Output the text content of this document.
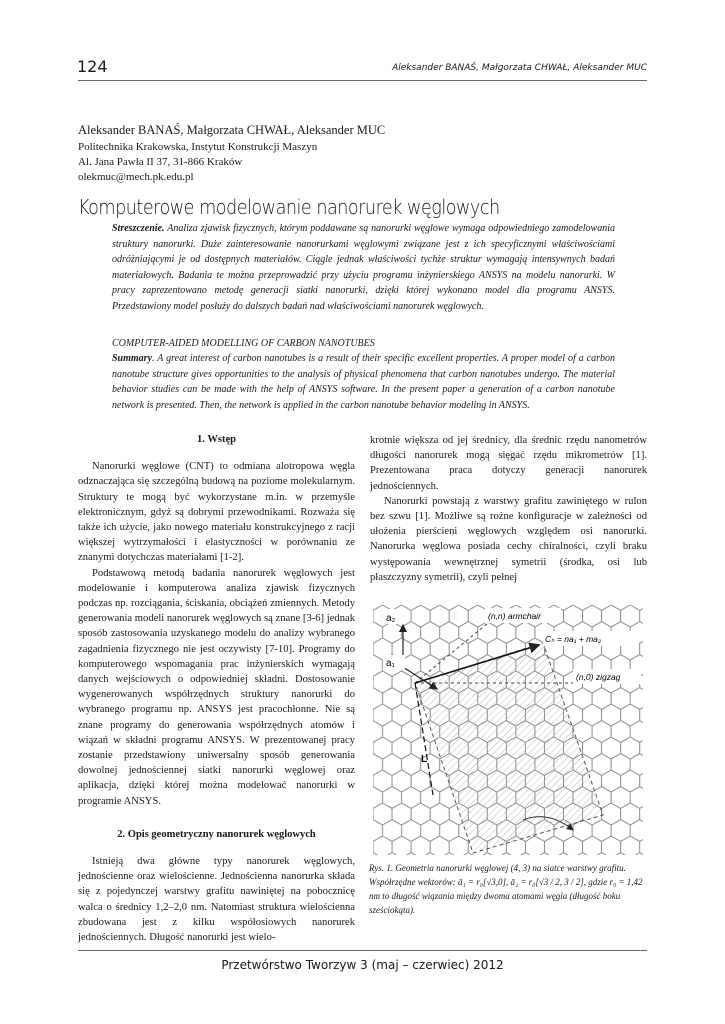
124	Aleksander BANAŚ, Małgorzata CHWAŁ, Aleksander MUC
Aleksander BANAŚ, Małgorzata CHWAŁ, Aleksander MUC
Politechnika Krakowska, Instytut Konstrukcji Maszyn
Al. Jana Pawła II 37, 31-866 Kraków
olekmuc@mech.pk.edu.pl
Komputerowe modelowanie nanorurek węglowych
Streszczenie. Analiza zjawisk fizycznych, którym poddawane są nanorurki węglowe wymaga odpowiedniego zamodelowania struktury nanorurki. Duże zainteresowanie nanorurkami węglowymi związane jest z ich specyficznymi właściwościami odróżniającymi je od dostępnych materiałów. Ciągle jednak właściwości tychże struktur wymagają intensywnych badań materiałowych. Badania te można przeprowadzić przy użyciu programu inżynierskiego ANSYS na modelu nanorurki. W pracy zaprezentowano metodę generacji siatki nanorurki, dzięki której wykonano model dla programu ANSYS. Przedstawiony model posłuży do dalszych badań nad właściwościami nanorurek węglowych.
COMPUTER-AIDED MODELLING OF CARBON NANOTUBES
Summary. A great interest of carbon nanotubes is a result of their specific excellent properties. A proper model of a carbon nanotube structure gives opportunities to the analysis of physical phenomena that carbon nanotubes undergo. The material behavior studies can be made with the help of ANSYS software. In the present paper a generation of a carbon nanotube network is presented. Then, the network is applied in the carbon nanotube behavior modeling in ANSYS.
1. Wstęp

Nanorurki węglowe (CNT) to odmiana alotropowa węgla odznaczająca się szczególną budową na poziome molekularnym. Struktury te mogą być wykorzystane m.in. w przemyśle elektronicznym, gdyż są dobrymi przewodnikami. Rozważa się także ich użycie, jako nowego materiału konstrukcyjnego z racji większej wytrzymałości i elastyczności w porównaniu ze znanymi dotychczas materiałami [1-2].

Podstawową metodą badania nanorurek węglowych jest modelowanie i komputerowa analiza zjawisk fizycznych podczas np. rozciągania, ściskania, obciążeń zmiennych. Metody generowania modeli nanorurek węglowych są znane [3-6] jednak sposób zastosowania uzyskanego modelu do analizy wybranego zagadnienia fizycznego nie jest oczywisty [7-10]. Programy do komputerowego wspomagania prac inżynierskich wymagają danych wejściowych o odpowiedniej składni. Dostosowanie wygenerowanych współrzędnych struktury nanorurki do wybranego programu np. ANSYS jest pracochłonne. Nie są znane programy do generowania współrzędnych atomów i wiązań w składni programu ANSYS. W prezentowanej pracy zostanie przedstawiony uniwersalny sposób generowania dowolnej jednościennej siatki nanorurki węglowej oraz aplikacja, dzięki której można modelować nanorurki w programie ANSYS.

2. Opis geometryczny nanorurek węglowych

Istnieją dwa główne typy nanorurek węglowych, jednościenne oraz wielościenne. Jednościenna nanorurka składa się z pojedynczej warstwy grafitu nawiniętej na pobocznicę walca o średnicy 1,2–2,0 nm. Natomiast struktura wielościenna zbudowana jest z kilku współosiowych nanorurek jednościennych. Długość nanorurki jest wielo-

krotnie większa od jej średnicy, dla średnic rzędu nanometrów długości nanorurek mogą sięgać rzędu mikrometrów [1]. Prezentowana praca dotyczy generacji nanorurek jednościennych.

Nanorurki powstają z warstwy grafitu zawiniętego w rulon bez szwu [1]. Możliwe są rożne konfiguracje w zależności od ułożenia pierścieni węglowych względem osi nanorurki. Nanorurka węglowa posiada cechy chiralności, czyli braku występowania wewnętrznej symetrii (środka, osi lub płaszczyzny symetrii), czyli pełnej

a₂
a₁
(n,n) armchair
Cₕ = na₁ + ma₂
(n,0) zigzag
L
Rys. 1. Geometria nanorurki węglowej (4, 3) na siatce warstwy grafitu. Współrzędne wektorów: ā₁ = r₀[√3,0], ā₂ = r₀[√3 / 2, 3 / 2], gdzie r₀ = 1,42 nm to długość wiązania między dwoma atomami węgla (długość boku sześciokąta).
Przetwórstwo Tworzyw 3 (maj – czerwiec) 2012
